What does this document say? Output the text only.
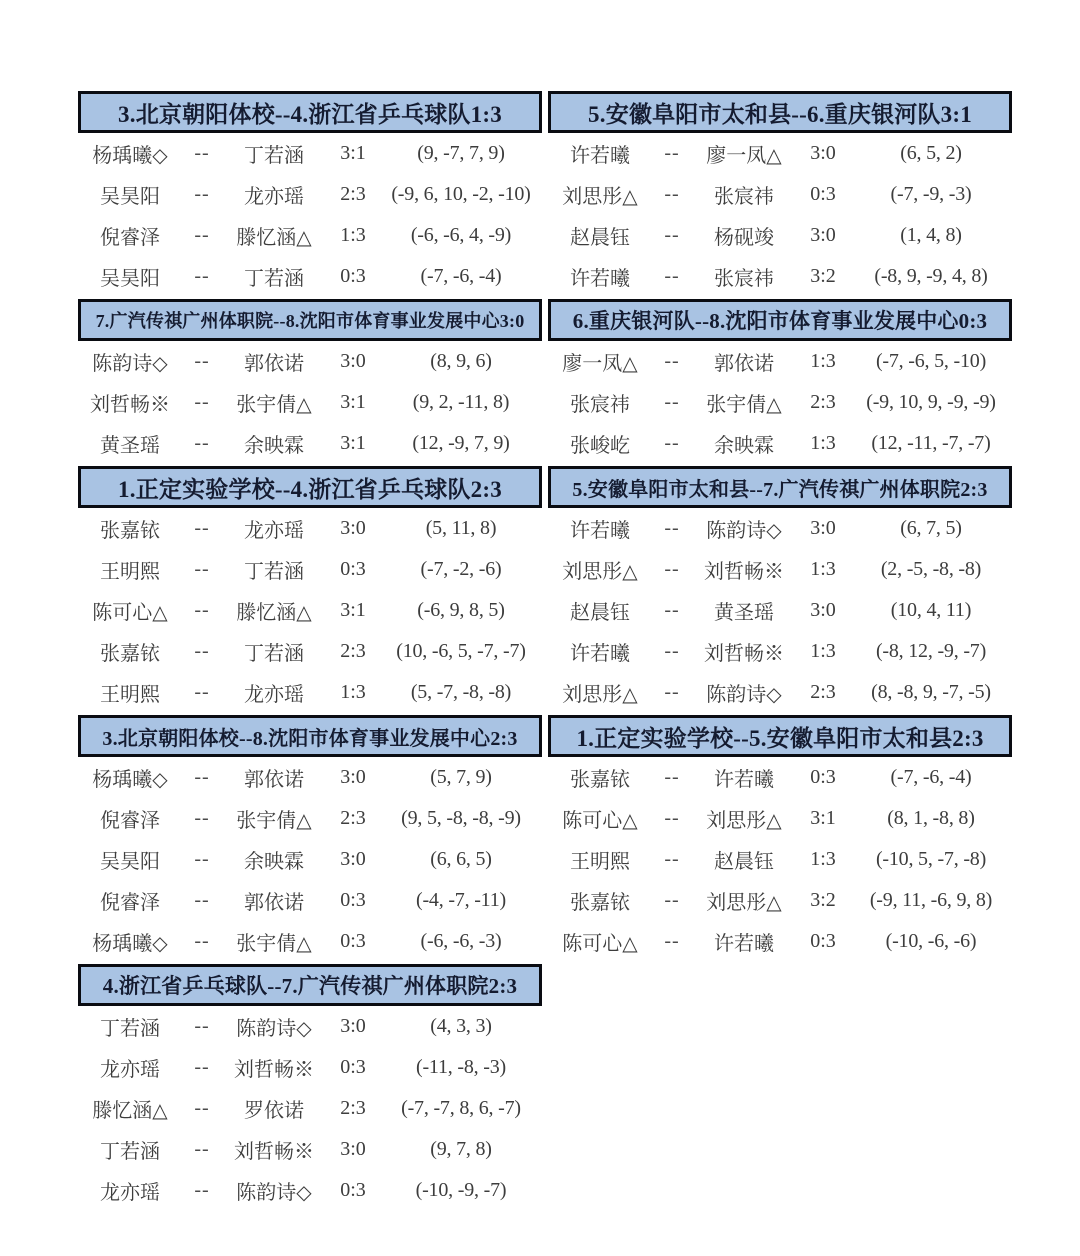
3.北京朝阳体校--4.浙江省乒乓球队1:3
杨瑀曦◇	--	丁若涵	3:1	(9, -7, 7, 9)
吴昊阳	--	龙亦瑶	2:3	(-9, 6, 10, -2, -10)
倪睿泽	--	滕忆涵△	1:3	(-6, -6, 4, -9)
吴昊阳	--	丁若涵	0:3	(-7, -6, -4)
5.安徽阜阳市太和县--6.重庆银河队3:1
许若曦	--	廖一凤△	3:0	(6, 5, 2)
刘思彤△	--	张宸祎	0:3	(-7, -9, -3)
赵晨钰	--	杨砚竣	3:0	(1, 4, 8)
许若曦	--	张宸祎	3:2	(-8, 9, -9, 4, 8)
7.广汽传祺广州体职院--8.沈阳市体育事业发展中心3:0
陈韵诗◇	--	郭依诺	3:0	(8, 9, 6)
刘哲畅※	--	张宇倩△	3:1	(9, 2, -11, 8)
黄圣瑶	--	余映霖	3:1	(12, -9, 7, 9)
6.重庆银河队--8.沈阳市体育事业发展中心0:3
廖一凤△	--	郭依诺	1:3	(-7, -6, 5, -10)
张宸祎	--	张宇倩△	2:3	(-9, 10, 9, -9, -9)
张峻屹	--	余映霖	1:3	(12, -11, -7, -7)
1.正定实验学校--4.浙江省乒乓球队2:3
张嘉铱	--	龙亦瑶	3:0	(5, 11, 8)
王明熙	--	丁若涵	0:3	(-7, -2, -6)
陈可心△	--	滕忆涵△	3:1	(-6, 9, 8, 5)
张嘉铱	--	丁若涵	2:3	(10, -6, 5, -7, -7)
王明熙	--	龙亦瑶	1:3	(5, -7, -8, -8)
5.安徽阜阳市太和县--7.广汽传祺广州体职院2:3
许若曦	--	陈韵诗◇	3:0	(6, 7, 5)
刘思彤△	--	刘哲畅※	1:3	(2, -5, -8, -8)
赵晨钰	--	黄圣瑶	3:0	(10, 4, 11)
许若曦	--	刘哲畅※	1:3	(-8, 12, -9, -7)
刘思彤△	--	陈韵诗◇	2:3	(8, -8, 9, -7, -5)
3.北京朝阳体校--8.沈阳市体育事业发展中心2:3
杨瑀曦◇	--	郭依诺	3:0	(5, 7, 9)
倪睿泽	--	张宇倩△	2:3	(9, 5, -8, -8, -9)
吴昊阳	--	余映霖	3:0	(6, 6, 5)
倪睿泽	--	郭依诺	0:3	(-4, -7, -11)
杨瑀曦◇	--	张宇倩△	0:3	(-6, -6, -3)
1.正定实验学校--5.安徽阜阳市太和县2:3
张嘉铱	--	许若曦	0:3	(-7, -6, -4)
陈可心△	--	刘思彤△	3:1	(8, 1, -8, 8)
王明熙	--	赵晨钰	1:3	(-10, 5, -7, -8)
张嘉铱	--	刘思彤△	3:2	(-9, 11, -6, 9, 8)
陈可心△	--	许若曦	0:3	(-10, -6, -6)
4.浙江省乒乓球队--7.广汽传祺广州体职院2:3
丁若涵	--	陈韵诗◇	3:0	(4, 3, 3)
龙亦瑶	--	刘哲畅※	0:3	(-11, -8, -3)
滕忆涵△	--	罗依诺	2:3	(-7, -7, 8, 6, -7)
丁若涵	--	刘哲畅※	3:0	(9, 7, 8)
龙亦瑶	--	陈韵诗◇	0:3	(-10, -9, -7)
